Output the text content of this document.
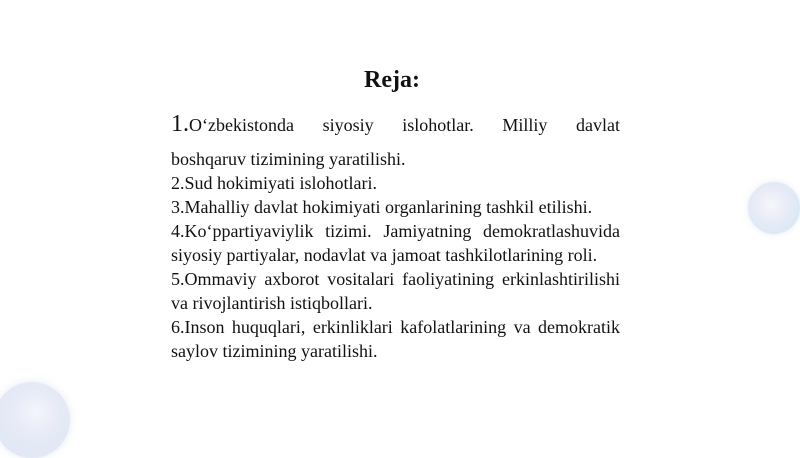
Reja:
1.O‘zbekistonda siyosiy islohotlar. Milliy davlat
boshqaruv tizimining yaratilishi.
2.Sud hokimiyati islohotlari.
3.Mahalliy davlat hokimiyati organlarining tashkil etilishi.
4.Ko‘ppartiyaviylik tizimi. Jamiyatning demokratlashuvida siyosiy partiyalar, nodavlat va jamoat tashkilotlarining roli.
5.Ommaviy axborot vositalari faoliyatining erkinlashtirilishi va rivojlantirish istiqbollari.
6.Inson huquqlari, erkinliklari kafolatlarining va demokratik saylov tizimining yaratilishi.
